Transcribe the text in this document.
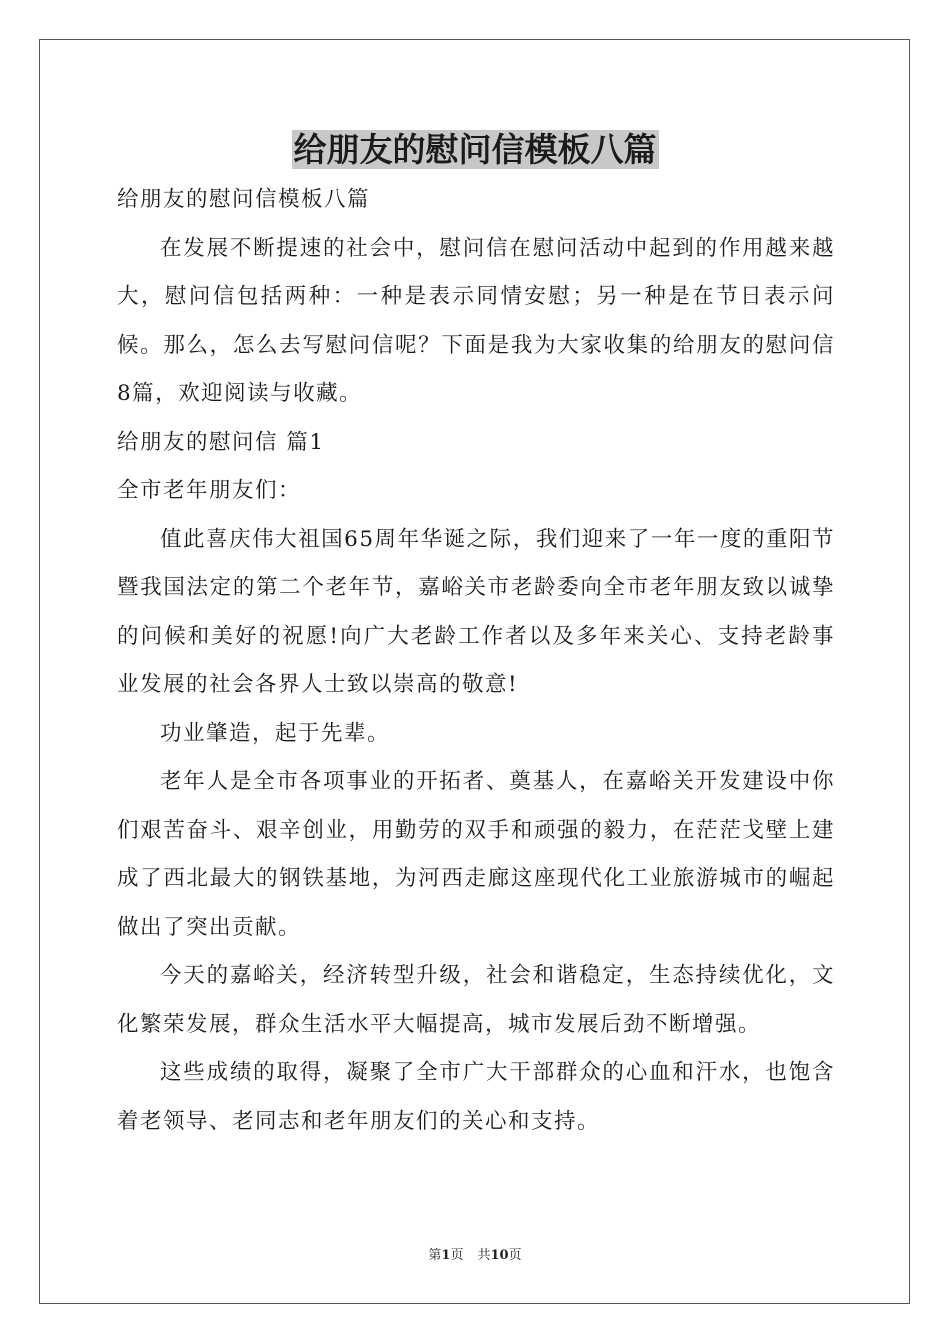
给朋友的慰问信模板八篇

给朋友的慰问信模板八篇

在发展不断提速的社会中，慰问信在慰问活动中起到的作用越来越大，慰问信包括两种：一种是表示同情安慰；另一种是在节日表示问候。那么，怎么去写慰问信呢？下面是我为大家收集的给朋友的慰问信8篇，欢迎阅读与收藏。

给朋友的慰问信 篇1

全市老年朋友们：

值此喜庆伟大祖国65周年华诞之际，我们迎来了一年一度的重阳节暨我国法定的第二个老年节，嘉峪关市老龄委向全市老年朋友致以诚挚的问候和美好的祝愿!向广大老龄工作者以及多年来关心、支持老龄事业发展的社会各界人士致以崇高的敬意!

功业肇造，起于先辈。

老年人是全市各项事业的开拓者、奠基人，在嘉峪关开发建设中你们艰苦奋斗、艰辛创业，用勤劳的双手和顽强的毅力，在茫茫戈壁上建成了西北最大的钢铁基地，为河西走廊这座现代化工业旅游城市的崛起做出了突出贡献。

今天的嘉峪关，经济转型升级，社会和谐稳定，生态持续优化，文化繁荣发展，群众生活水平大幅提高，城市发展后劲不断增强。

这些成绩的取得，凝聚了全市广大干部群众的心血和汗水，也饱含着老领导、老同志和老年朋友们的关心和支持。

第1页 共10页
